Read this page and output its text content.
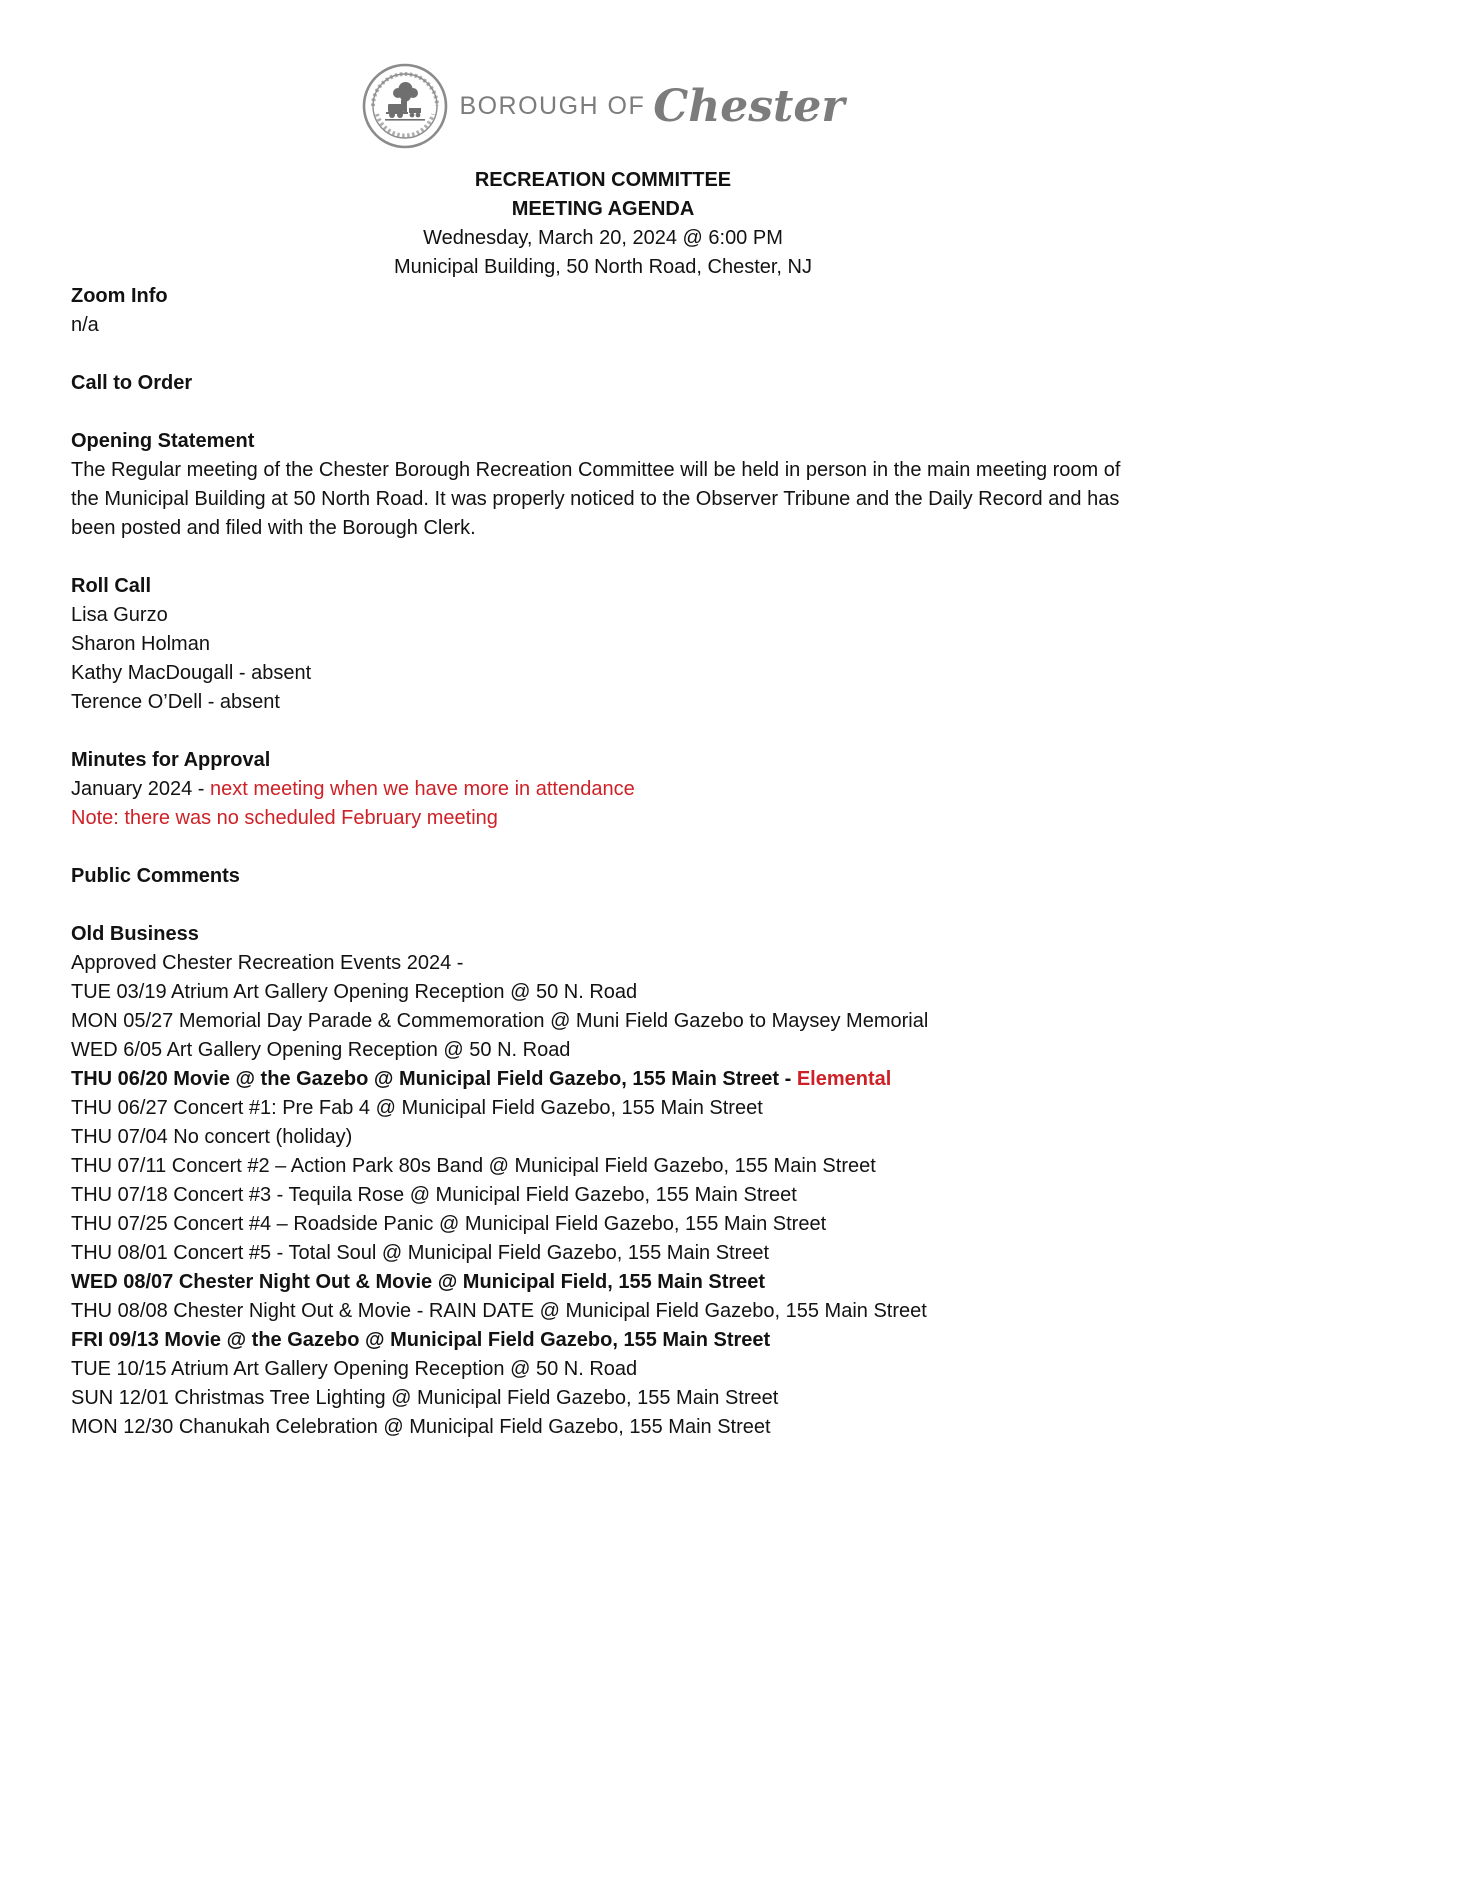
BOROUGH OF Chester
RECREATION COMMITTEE
MEETING AGENDA
Wednesday, March 20, 2024 @ 6:00 PM
Municipal Building, 50 North Road, Chester, NJ
Zoom Info
n/a
Call to Order
Opening Statement
The Regular meeting of the Chester Borough Recreation Committee will be held in person in the main meeting room of the Municipal Building at 50 North Road. It was properly noticed to the Observer Tribune and the Daily Record and has been posted and filed with the Borough Clerk.
Roll Call
Lisa Gurzo
Sharon Holman
Kathy MacDougall - absent
Terence O’Dell - absent
Minutes for Approval
January 2024 - next meeting when we have more in attendance
Note: there was no scheduled February meeting
Public Comments
Old Business
Approved Chester Recreation Events 2024 -
TUE 03/19 Atrium Art Gallery Opening Reception @ 50 N. Road
MON 05/27 Memorial Day Parade & Commemoration @ Muni Field Gazebo to Maysey Memorial
WED 6/05 Art Gallery Opening Reception @ 50 N. Road
THU 06/20 Movie @ the Gazebo @ Municipal Field Gazebo, 155 Main Street - Elemental
THU 06/27 Concert #1: Pre Fab 4 @ Municipal Field Gazebo, 155 Main Street
THU 07/04 No concert (holiday)
THU 07/11 Concert #2 – Action Park 80s Band @ Municipal Field Gazebo, 155 Main Street
THU 07/18 Concert #3 - Tequila Rose @ Municipal Field Gazebo, 155 Main Street
THU 07/25 Concert #4 – Roadside Panic @ Municipal Field Gazebo, 155 Main Street
THU 08/01 Concert #5 - Total Soul @ Municipal Field Gazebo, 155 Main Street
WED 08/07 Chester Night Out & Movie @ Municipal Field, 155 Main Street
THU 08/08 Chester Night Out & Movie - RAIN DATE @ Municipal Field Gazebo, 155 Main Street
FRI 09/13 Movie @ the Gazebo @ Municipal Field Gazebo, 155 Main Street
TUE 10/15 Atrium Art Gallery Opening Reception @ 50 N. Road
SUN 12/01 Christmas Tree Lighting @ Municipal Field Gazebo, 155 Main Street
MON 12/30 Chanukah Celebration @ Municipal Field Gazebo, 155 Main Street
